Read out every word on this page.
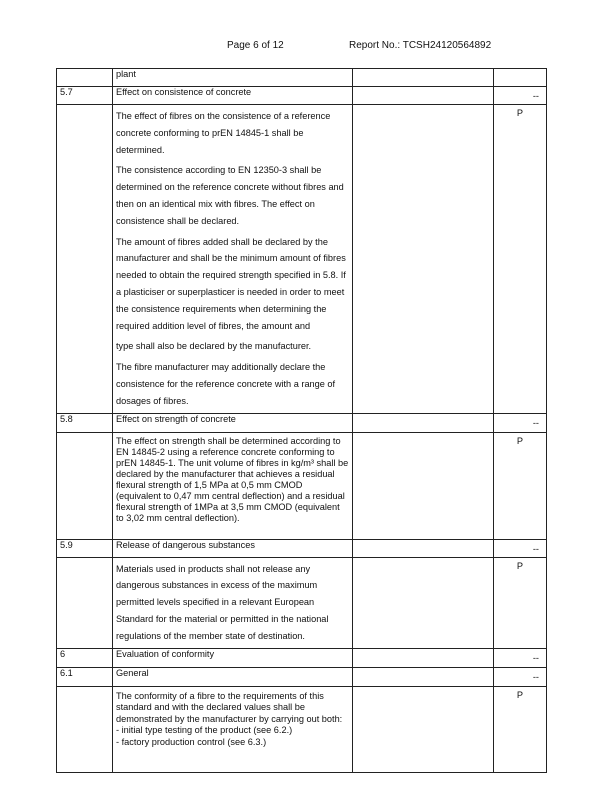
Page 6 of 12	Report No.: TCSH24120564892
	plant		
5.7	Effect on consistence of concrete		--

	The effect of fibres on the consistence of a reference concrete conforming to prEN 14845-1 shall be determined.

The consistence according to EN 12350-3 shall be determined on the reference concrete without fibres and then on an identical mix with fibres. The effect on consistence shall be declared.

The amount of fibres added shall be declared by the manufacturer and shall be the minimum amount of fibres needed to obtain the required strength specified in 5.8. If a plasticiser or superplasticer is needed in order to meet the consistence requirements when determining the required addition level of fibres, the amount and

type shall also be declared by the manufacturer.

The fibre manufacturer may additionally declare the consistence for the reference concrete with a range of dosages of fibres.		P

5.8	Effect on strength of concrete		--

	The effect on strength shall be determined according to EN 14845-2 using a reference concrete conforming to prEN 14845-1. The unit volume of fibres in kg/m³ shall be declared by the manufacturer that achieves a residual flexural strength of 1,5 MPa at 0,5 mm CMOD (equivalent to 0,47 mm central deflection) and a residual flexural strength of 1MPa at 3,5 mm CMOD (equivalent to 3,02 mm central deflection).		P

5.9	Release of dangerous substances		--

	Materials used in products shall not release any dangerous substances in excess of the maximum permitted levels specified in a relevant European Standard for the material or permitted in the national regulations of the member state of destination.		P

6	Evaluation of conformity		--

6.1	General		--

	The conformity of a fibre to the requirements of this standard and with the declared values shall be demonstrated by the manufacturer by carrying out both:

- initial type testing of the product (see 6.2.)

- factory production control (see 6.3.)		P
